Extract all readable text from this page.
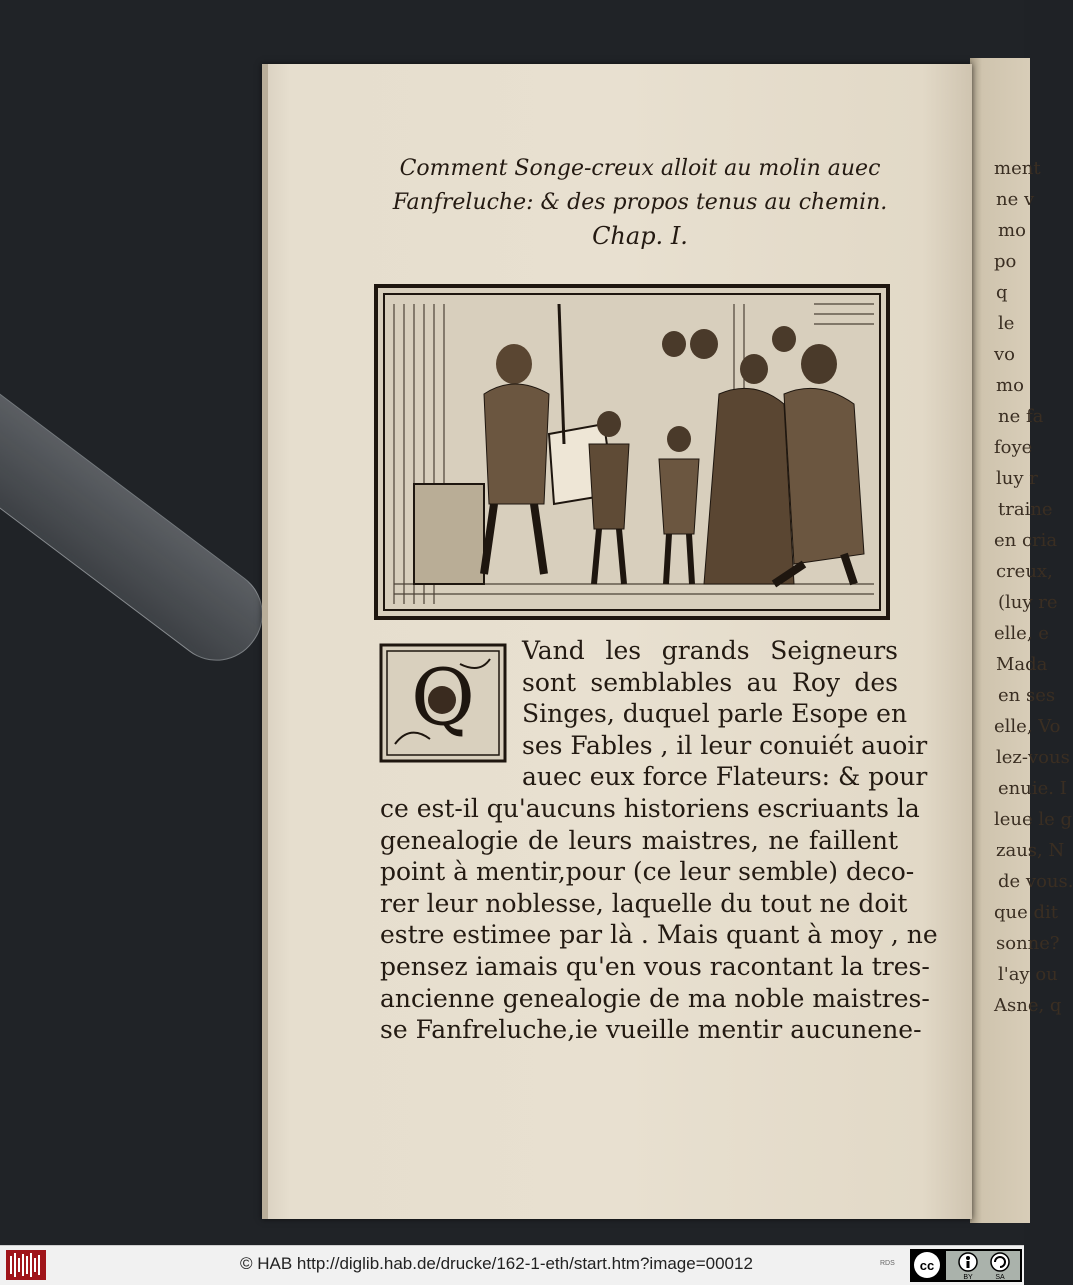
ment
ne v
mo
po
q
le
vo
mo
ne fa
foye
luy r
traine
en cria
creux,
(luy re
elle, e
Mada
en ses
elle, Vo
lez-vous
enuie. I
leue le g
zaus, N
de vous.
que dit
sonne?
l'ay ou
Asne, q
Comment Songe-creux alloit au molin auec
Fanfreluche: & des propos tenus au chemin.
Chap. I.
Q
Vand les grands Seigneurs
sont semblables au Roy des
Singes, duquel parle Esope en
ses Fables , il leur conuiét auoir
auec eux force Flateurs: & pour
ce est-il qu'aucuns historiens escriuants la
genealogie de leurs maistres, ne faillent
point à mentir,pour (ce leur semble) deco-
rer leur noblesse, laquelle du tout ne doit
estre estimee par là . Mais quant à moy , ne
pensez iamais qu'en vous racontant la tres-
ancienne genealogie de ma noble maistres-
se Fanfreluche,ie vueille mentir aucunene-
© HAB http://diglib.hab.de/drucke/162-1-eth/start.htm?image=00012	RDS cc
BY	SA
